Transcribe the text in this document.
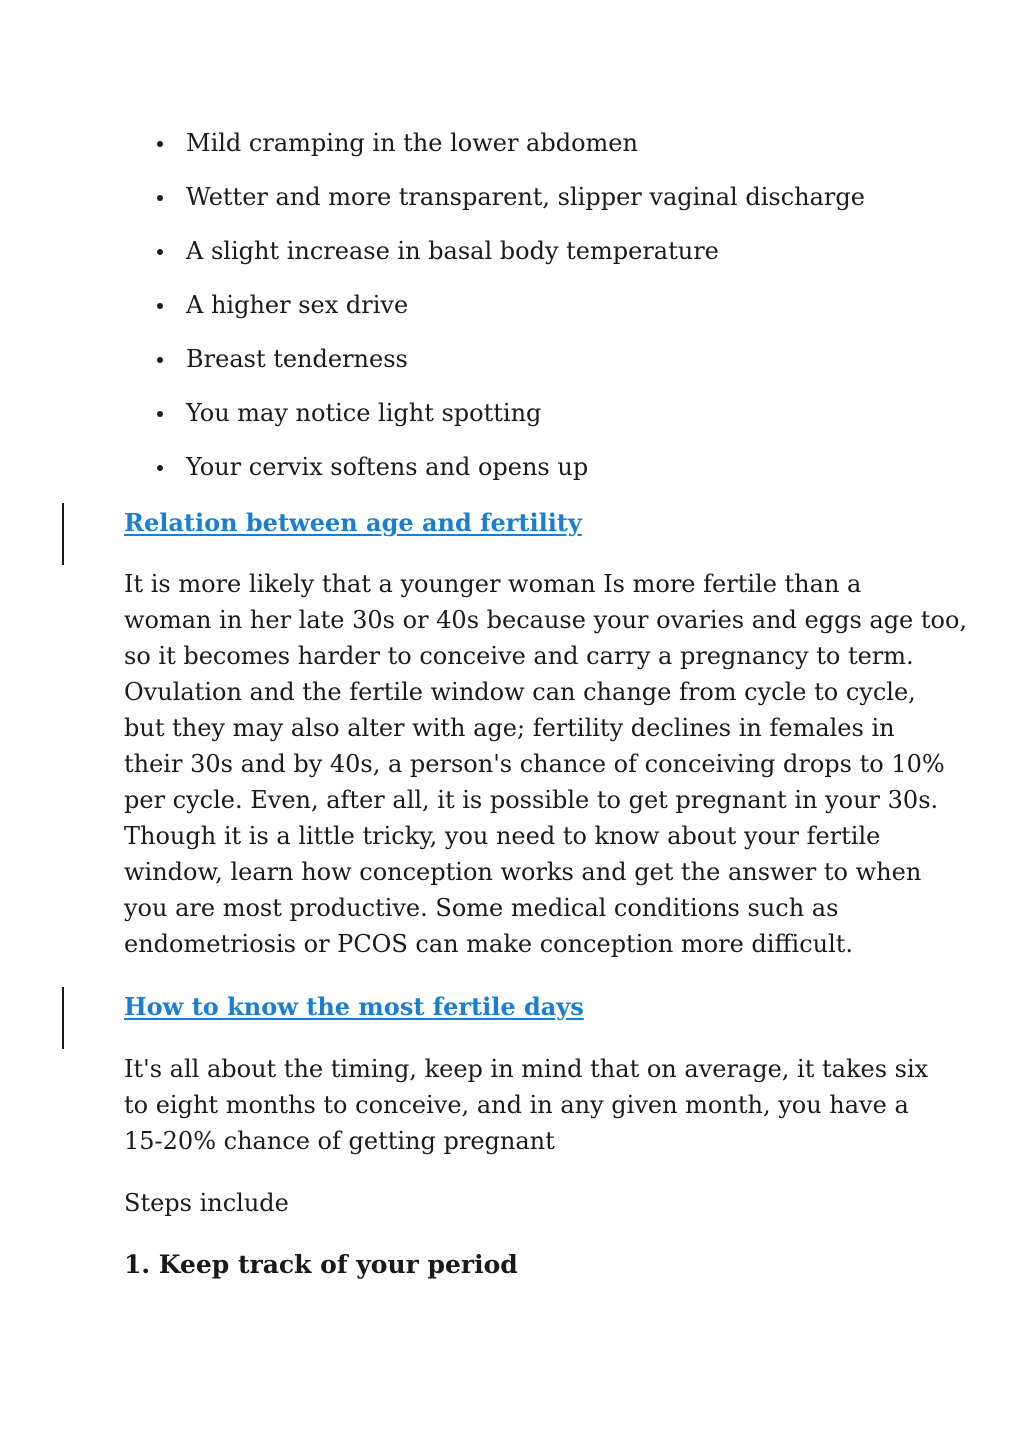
Mild cramping in the lower abdomen
Wetter and more transparent, slipper vaginal discharge
A slight increase in basal body temperature
A higher sex drive
Breast tenderness
You may notice light spotting
Your cervix softens and opens up
Relation between age and fertility

It is more likely that a younger woman Is more fertile than a
woman in her late 30s or 40s because your ovaries and eggs age too,
so it becomes harder to conceive and carry a pregnancy to term.
Ovulation and the fertile window can change from cycle to cycle,
but they may also alter with age; fertility declines in females in
their 30s and by 40s, a person's chance of conceiving drops to 10%
per cycle. Even, after all, it is possible to get pregnant in your 30s.
Though it is a little tricky, you need to know about your fertile
window, learn how conception works and get the answer to when
you are most productive. Some medical conditions such as
endometriosis or PCOS can make conception more difficult.

How to know the most fertile days

It's all about the timing, keep in mind that on average, it takes six
to eight months to conceive, and in any given month, you have a
15-20% chance of getting pregnant

Steps include

1. Keep track of your period
